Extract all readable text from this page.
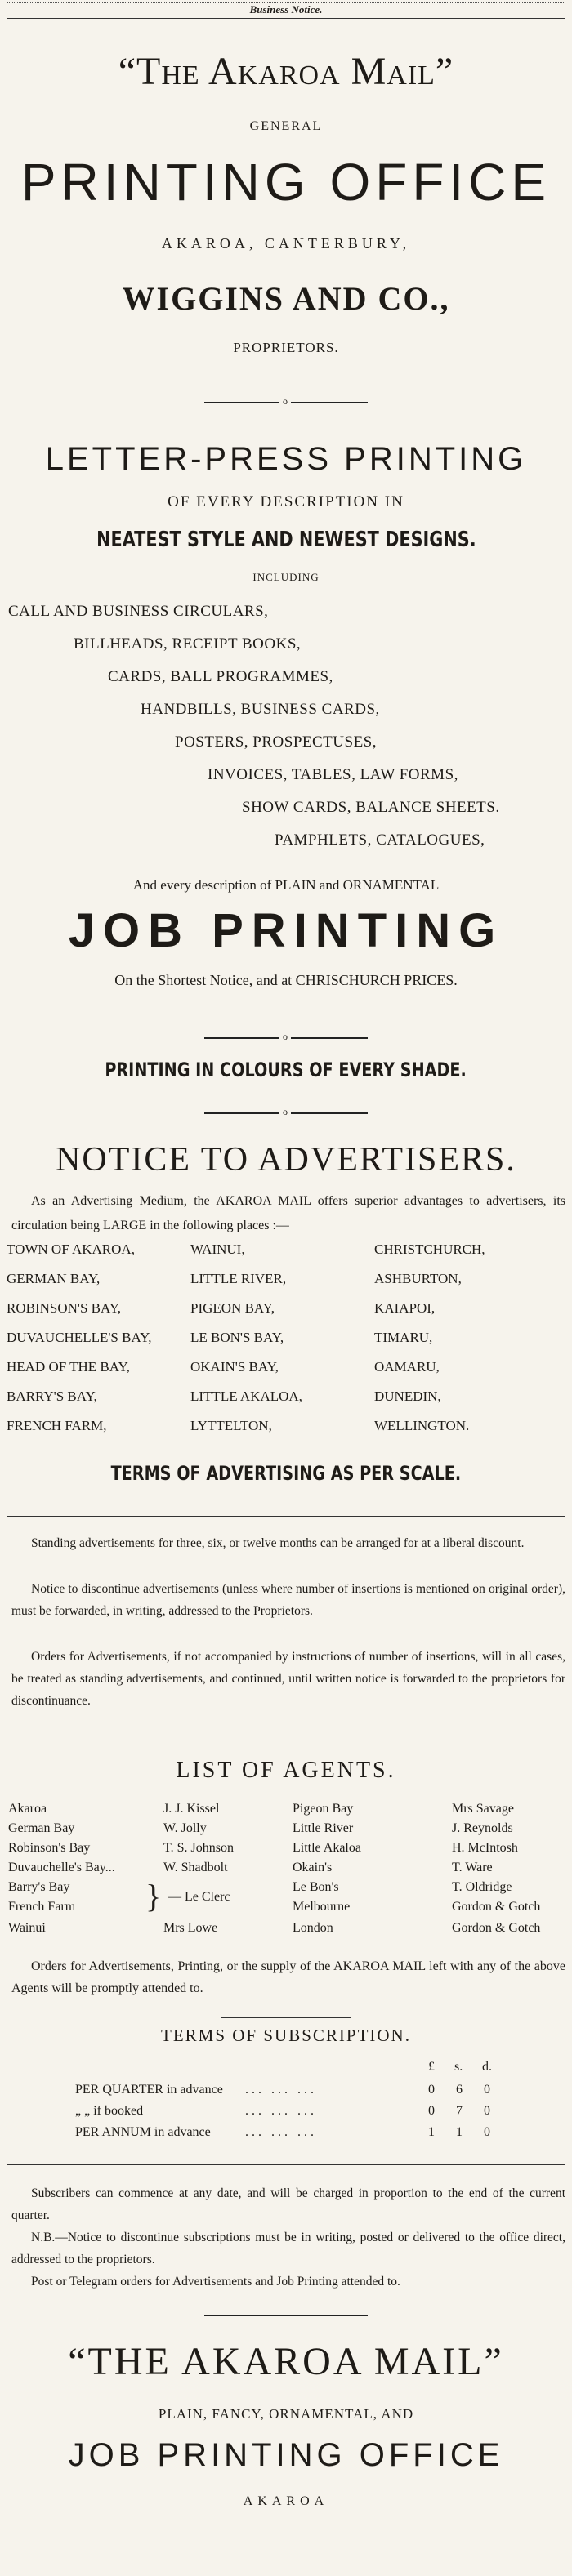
Business Notice.
“The Akaroa Mail”
GENERAL
PRINTING OFFICE
AKAROA, CANTERBURY,
WIGGINS AND CO.,
PROPRIETORS.
o
LETTER-PRESS PRINTING
OF EVERY DESCRIPTION IN
NEATEST STYLE AND NEWEST DESIGNS.
INCLUDING
CALL AND BUSINESS CIRCULARS,
BILLHEADS, RECEIPT BOOKS,
CARDS, BALL PROGRAMMES,
HANDBILLS, BUSINESS CARDS,
POSTERS, PROSPECTUSES,
INVOICES, TABLES, LAW FORMS,
SHOW CARDS, BALANCE SHEETS.
PAMPHLETS, CATALOGUES,
And every description of PLAIN and ORNAMENTAL
JOB PRINTING
On the Shortest Notice, and at CHRISCHURCH PRICES.
o
PRINTING IN COLOURS OF EVERY SHADE.
o
NOTICE TO ADVERTISERS.
As an Advertising Medium, the AKAROA MAIL offers superior advantages to advertisers, its circulation being LARGE in the following places :—
TOWN OF AKAROA,	WAINUI,	CHRISTCHURCH,
GERMAN BAY,	LITTLE RIVER,	ASHBURTON,
ROBINSON'S BAY,	PIGEON BAY,	KAIAPOI,
DUVAUCHELLE'S BAY,	LE BON'S BAY,	TIMARU,
HEAD OF THE BAY,	OKAIN'S BAY,	OAMARU,
BARRY'S BAY,	LITTLE AKALOA,	DUNEDIN,
FRENCH FARM,	LYTTELTON,	WELLINGTON.
TERMS OF ADVERTISING AS PER SCALE.
Standing advertisements for three, six, or twelve months can be arranged for at a liberal discount.
Notice to discontinue advertisements (unless where number of insertions is mentioned on original order), must be forwarded, in writing, addressed to the Proprietors.
Orders for Advertisements, if not accompanied by instructions of number of insertions, will in all cases, be treated as standing advertisements, and continued, until written notice is forwarded to the proprietors for discontinuance.
LIST OF AGENTS.
Akaroa	J. J. Kissel
German Bay	W. Jolly
Robinson's Bay	T. S. Johnson
Duvauchelle's Bay...	W. Shadbolt
Barry's Bay
French Farm } — Le Clerc
Wainui	Mrs Lowe
Pigeon Bay	Mrs Savage
Little River	J. Reynolds
Little Akaloa	H. McIntosh
Okain's	T. Ware
Le Bon's	T. Oldridge
Melbourne	Gordon & Gotch
London	Gordon & Gotch
Orders for Advertisements, Printing, or the supply of the AKAROA MAIL left with any of the above Agents will be promptly attended to.
TERMS OF SUBSCRIPTION.
£ s. d.
PER QUARTER in advance ... ... ...	0 6 0
„ „ if booked	... ... ...	0 7 0
PER ANNUM in advance	... ... ...	1 1 0
Subscribers can commence at any date, and will be charged in proportion to the end of the current quarter.
N.B.—Notice to discontinue subscriptions must be in writing, posted or delivered to the office direct, addressed to the proprietors.
Post or Telegram orders for Advertisements and Job Printing attended to.
“THE AKAROA MAIL”
PLAIN, FANCY, ORNAMENTAL, AND
JOB PRINTING OFFICE
AKAROA
